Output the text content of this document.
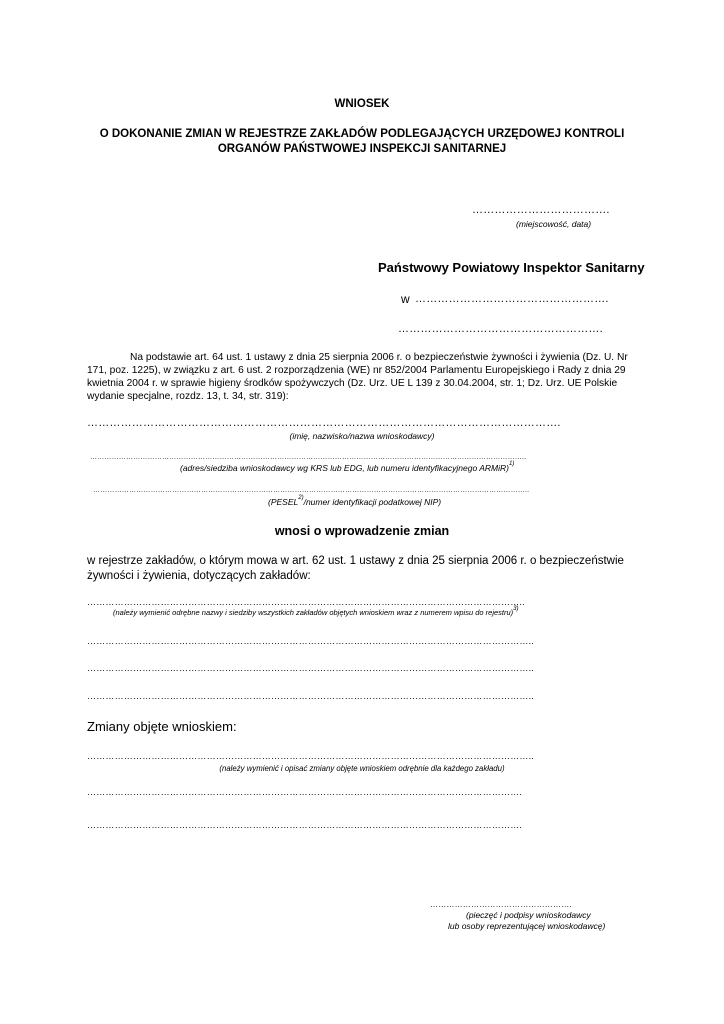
WNIOSEK
O DOKONANIE ZMIAN W REJESTRZE ZAKŁADÓW PODLEGAJĄCYCH URZĘDOWEJ KONTROLI
ORGANÓW PAŃSTWOWEJ INSPEKCJI SANITARNEJ
……………………………….
(miejscowość, data)
Państwowy Powiatowy Inspektor Sanitarny
w …………………………………………….
……………………………………………….
Na podstawie art. 64 ust. 1 ustawy z dnia 25 sierpnia 2006 r. o bezpieczeństwie żywności i żywienia (Dz. U. Nr
171, poz. 1225), w związku z art. 6 ust. 2 rozporządzenia (WE) nr 852/2004 Parlamentu Europejskiego i Rady z dnia 29
kwietnia 2004 r. w sprawie higieny środków spożywczych (Dz. Urz. UE L 139 z 30.04.2004, str. 1; Dz. Urz. UE Polskie
wydanie specjalne, rozdz. 13, t. 34, str. 319):
……………………………………………………………………………………………………………….
(imię, nazwisko/nazwa wnioskodawcy)
………………………………………………………………………………………………………………………………………………………………..
(adres/siedziba wnioskodawcy wg KRS lub EDG, lub numeru identyfikacyjnego ARMiR)$^{1)}$
………………………………………………………………………………………………………………………………………………………………..
(PESEL$^{2)}$/numer identyfikacji podatkowej NIP)
wnosi o wprowadzenie zmian
w rejestrze zakładów, o którym mowa w art. 62 ust. 1 ustawy z dnia 25 sierpnia 2006 r. o bezpieczeństwie
żywności i żywienia, dotyczących zakładów:
……………………………………………………………………………………………………………………………..
(należy wymienić odrębne nazwy i siedziby wszystkich zakładów objętych wnioskiem wraz z numerem wpisu do rejestru)$^{3)}$
………………………………………………………………………………………………………………………………..
………………………………………………………………………………………………………………………………..
………………………………………………………………………………………………………………………………..
Zmiany objęte wnioskiem:
………………………………………………………………………………………………………………………………..
(należy wymienić i opisać zmiany objęte wnioskiem odrębnie dla każdego zakładu)
…………………………………………………………………………………………………………………………….
…………………………………………………………………………………………………………………………….
…………………………………………….
(pieczęć i podpisy wnioskodawcy
lub osoby reprezentującej wnioskodawcę)
